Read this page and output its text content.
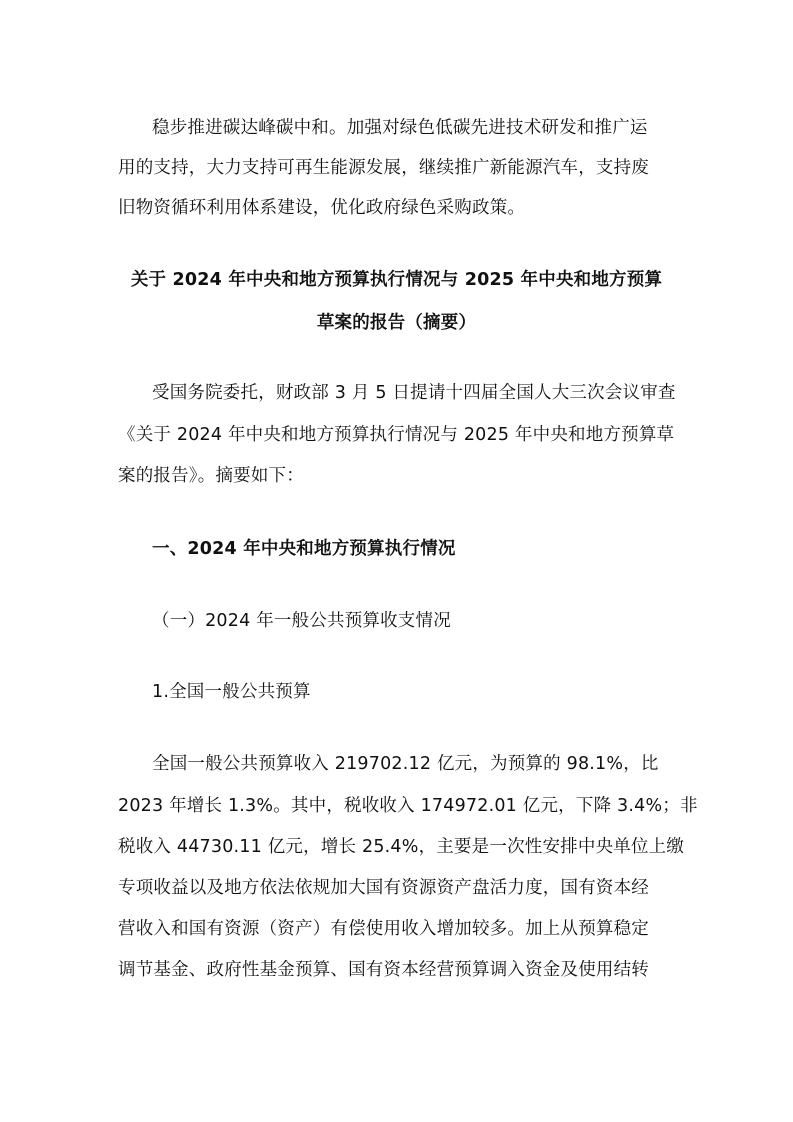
稳步推进碳达峰碳中和。加强对绿色低碳先进技术研发和推广运
用的支持，大力支持可再生能源发展，继续推广新能源汽车，支持废
旧物资循环利用体系建设，优化政府绿色采购政策。
关于 2024 年中央和地方预算执行情况与 2025 年中央和地方预算
草案的报告（摘要）
受国务院委托，财政部 3 月 5 日提请十四届全国人大三次会议审查
《关于 2024 年中央和地方预算执行情况与 2025 年中央和地方预算草
案的报告》。摘要如下：
一、2024 年中央和地方预算执行情况
（一）2024 年一般公共预算收支情况
1.全国一般公共预算
全国一般公共预算收入 219702.12 亿元，为预算的 98.1%，比
2023 年增长 1.3%。其中，税收收入 174972.01 亿元，下降 3.4%；非
税收入 44730.11 亿元，增长 25.4%，主要是一次性安排中央单位上缴
专项收益以及地方依法依规加大国有资源资产盘活力度，国有资本经
营收入和国有资源（资产）有偿使用收入增加较多。加上从预算稳定
调节基金、政府性基金预算、国有资本经营预算调入资金及使用结转
